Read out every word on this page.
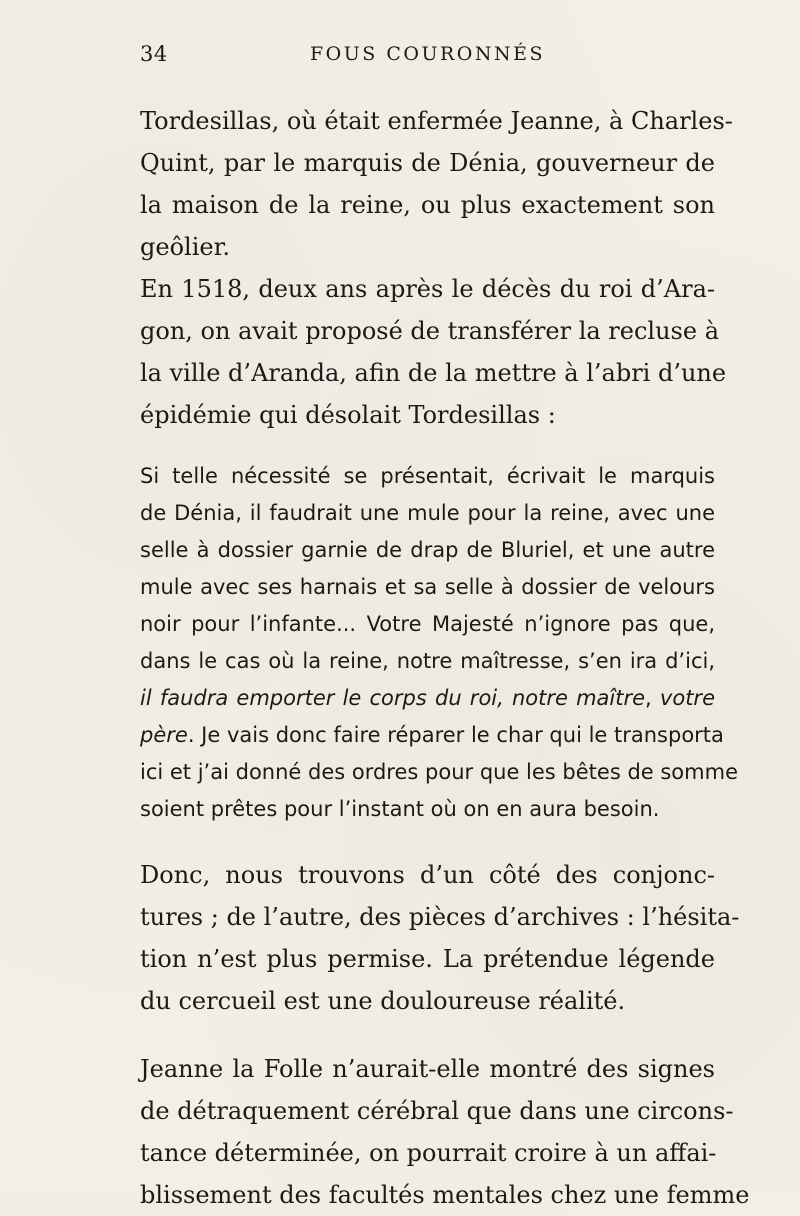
34	FOUS COURONNÉS

Tordesillas, où était enfermée Jeanne, à Charles-
Quint, par le marquis de Dénia, gouverneur de
la maison de la reine, ou plus exactement son
geôlier.

En 1518, deux ans après le décès du roi d’Ara-
gon, on avait proposé de transférer la recluse à
la ville d’Aranda, afin de la mettre à l’abri d’une
épidémie qui désolait Tordesillas :

Si telle nécessité se présentait, écrivait le marquis
de Dénia, il faudrait une mule pour la reine, avec une
selle à dossier garnie de drap de Bluriel, et une autre
mule avec ses harnais et sa selle à dossier de velours
noir pour l’infante... Votre Majesté n’ignore pas que,
dans le cas où la reine, notre maîtresse, s’en ira d’ici,
il faudra emporter le corps du roi, notre maître, votre
père. Je vais donc faire réparer le char qui le transporta
ici et j’ai donné des ordres pour que les bêtes de somme
soient prêtes pour l’instant où on en aura besoin.

Donc, nous trouvons d’un côté des conjonc-
tures ; de l’autre, des pièces d’archives : l’hésita-
tion n’est plus permise. La prétendue légende
du cercueil est une douloureuse réalité.

Jeanne la Folle n’aurait-elle montré des signes
de détraquement cérébral que dans une circons-
tance déterminée, on pourrait croire à un affai-
blissement des facultés mentales chez une femme
